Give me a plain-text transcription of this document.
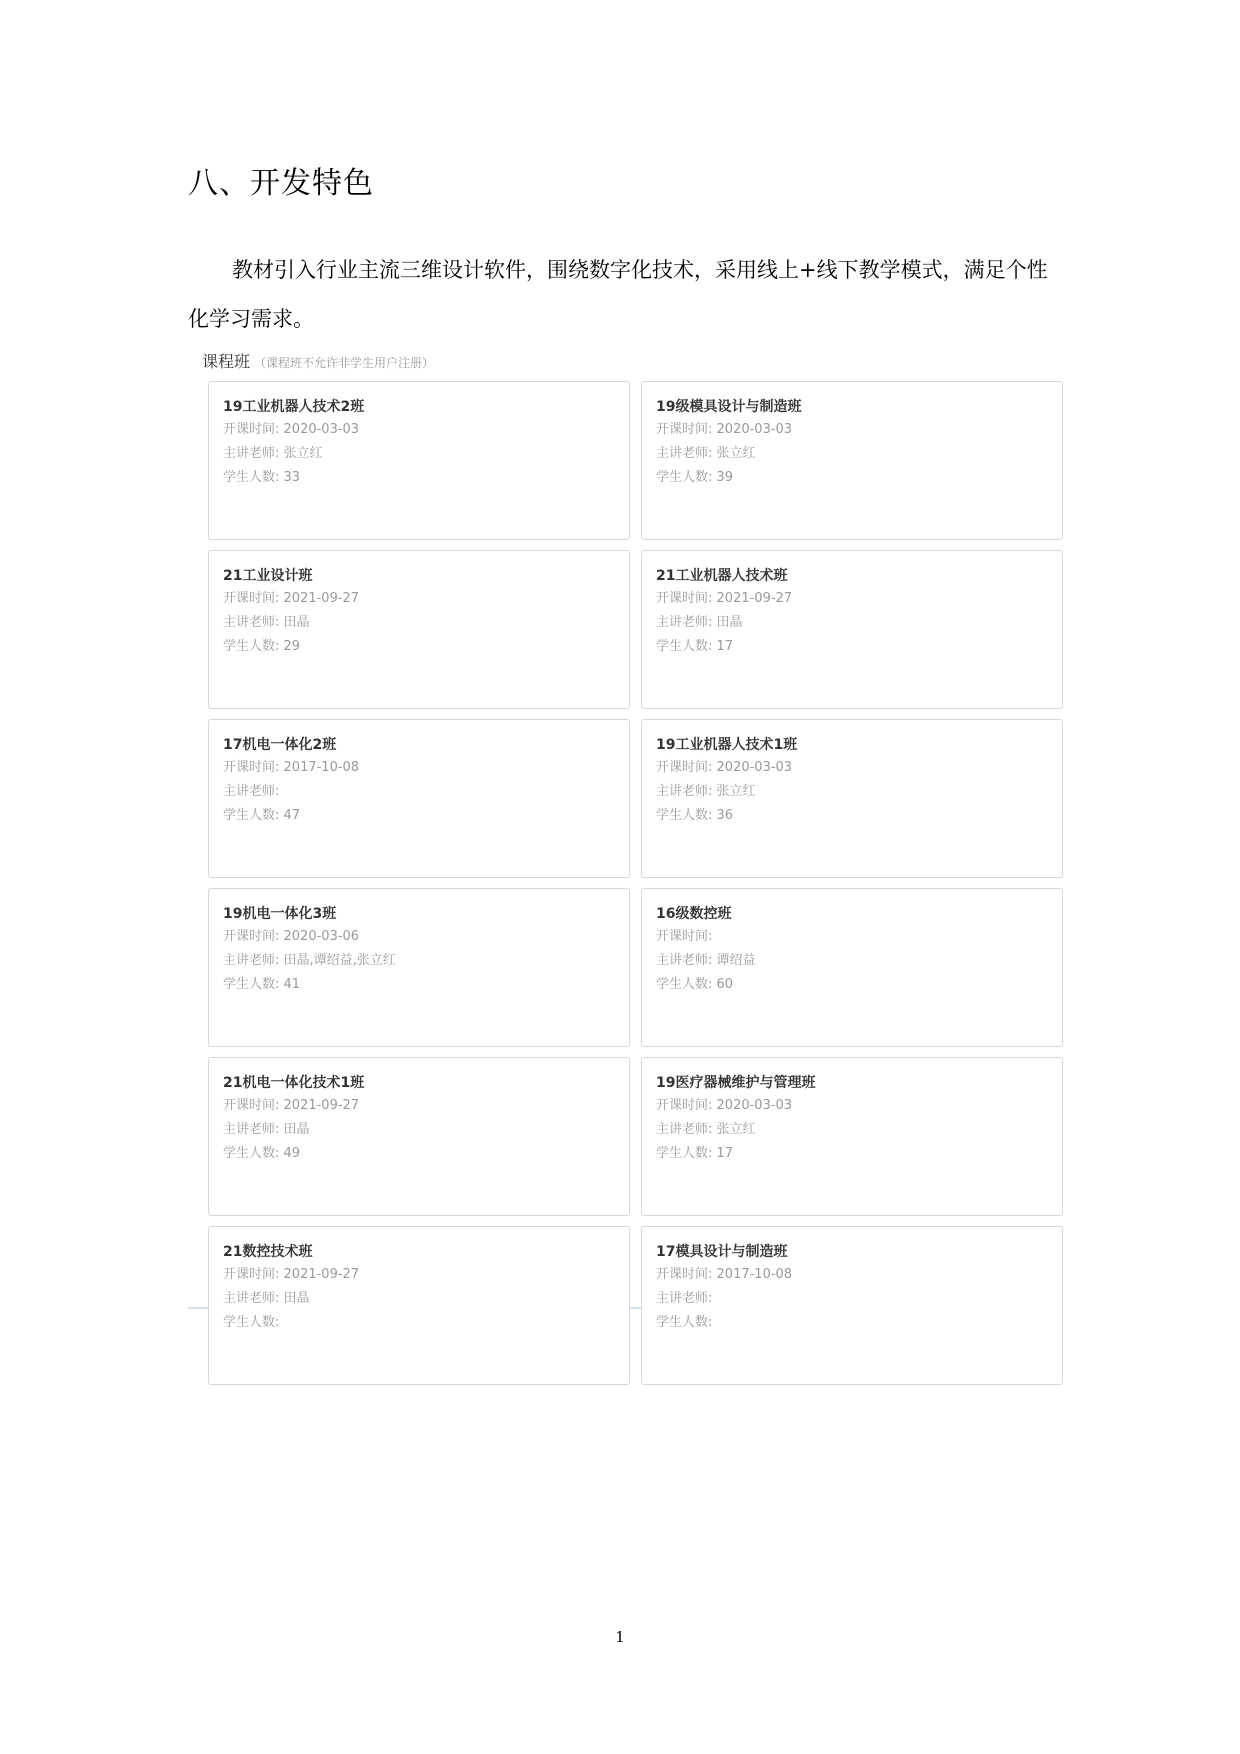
八、开发特色

教材引入行业主流三维设计软件，围绕数字化技术，采用线上+线下教学模式，满足个性化学习需求。

课程班 （课程班不允许非学生用户注册）
19工业机器人技术2班
开课时间: 2020-03-03
主讲老师: 张立红
学生人数: 33
19级模具设计与制造班
开课时间: 2020-03-03
主讲老师: 张立红
学生人数: 39
21工业设计班
开课时间: 2021-09-27
主讲老师: 田晶
学生人数: 29
21工业机器人技术班
开课时间: 2021-09-27
主讲老师: 田晶
学生人数: 17
17机电一体化2班
开课时间: 2017-10-08
主讲老师:
学生人数: 47
19工业机器人技术1班
开课时间: 2020-03-03
主讲老师: 张立红
学生人数: 36
19机电一体化3班
开课时间: 2020-03-06
主讲老师: 田晶,谭绍益,张立红
学生人数: 41
16级数控班
开课时间:
主讲老师: 谭绍益
学生人数: 60
21机电一体化技术1班
开课时间: 2021-09-27
主讲老师: 田晶
学生人数: 49
19医疗器械维护与管理班
开课时间: 2020-03-03
主讲老师: 张立红
学生人数: 17
21数控技术班
开课时间: 2021-09-27
主讲老师: 田晶
学生人数:
17模具设计与制造班
开课时间: 2017-10-08
主讲老师:
学生人数:
1
